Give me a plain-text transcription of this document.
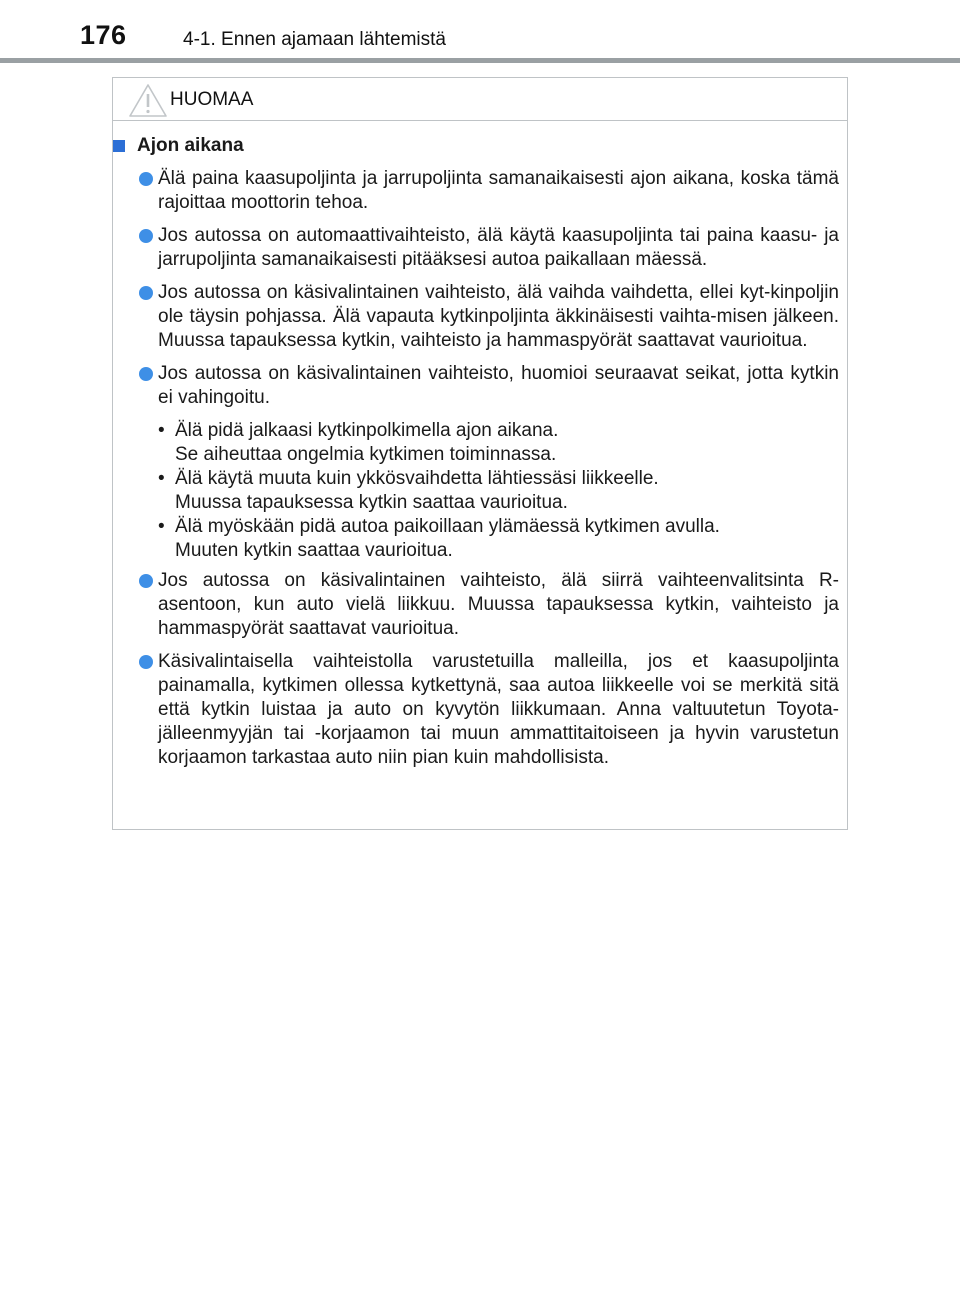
176	4-1. Ennen ajamaan lähtemistä
HUOMAA
Ajon aikana
Älä paina kaasupoljinta ja jarrupoljinta samanaikaisesti ajon aikana, koska tämä rajoittaa moottorin tehoa.
Jos autossa on automaattivaihteisto, älä käytä kaasupoljinta tai paina kaasu- ja jarrupoljinta samanaikaisesti pitääksesi autoa paikallaan mäessä.
Jos autossa on käsivalintainen vaihteisto, älä vaihda vaihdetta, ellei kyt-kinpoljin ole täysin pohjassa. Älä vapauta kytkinpoljinta äkkinäisesti vaihta-misen jälkeen. Muussa tapauksessa kytkin, vaihteisto ja hammaspyörät saattavat vaurioitua.
Jos autossa on käsivalintainen vaihteisto, huomioi seuraavat seikat, jotta kytkin ei vahingoitu.
• Älä pidä jalkaasi kytkinpolkimella ajon aikana.
Se aiheuttaa ongelmia kytkimen toiminnassa.
• Älä käytä muuta kuin ykkösvaihdetta lähtiessäsi liikkeelle.
Muussa tapauksessa kytkin saattaa vaurioitua.
• Älä myöskään pidä autoa paikoillaan ylämäessä kytkimen avulla.
Muuten kytkin saattaa vaurioitua.
Jos autossa on käsivalintainen vaihteisto, älä siirrä vaihteenvalitsinta R-asentoon, kun auto vielä liikkuu. Muussa tapauksessa kytkin, vaihteisto ja hammaspyörät saattavat vaurioitua.
Käsivalintaisella vaihteistolla varustetuilla malleilla, jos et kaasupoljinta painamalla, kytkimen ollessa kytkettynä, saa autoa liikkeelle voi se merkitä sitä että kytkin luistaa ja auto on kyvytön liikkumaan. Anna valtuutetun Toyota-jälleenmyyjän tai -korjaamon tai muun ammattitaitoiseen ja hyvin varustetun korjaamon tarkastaa auto niin pian kuin mahdollisista.
